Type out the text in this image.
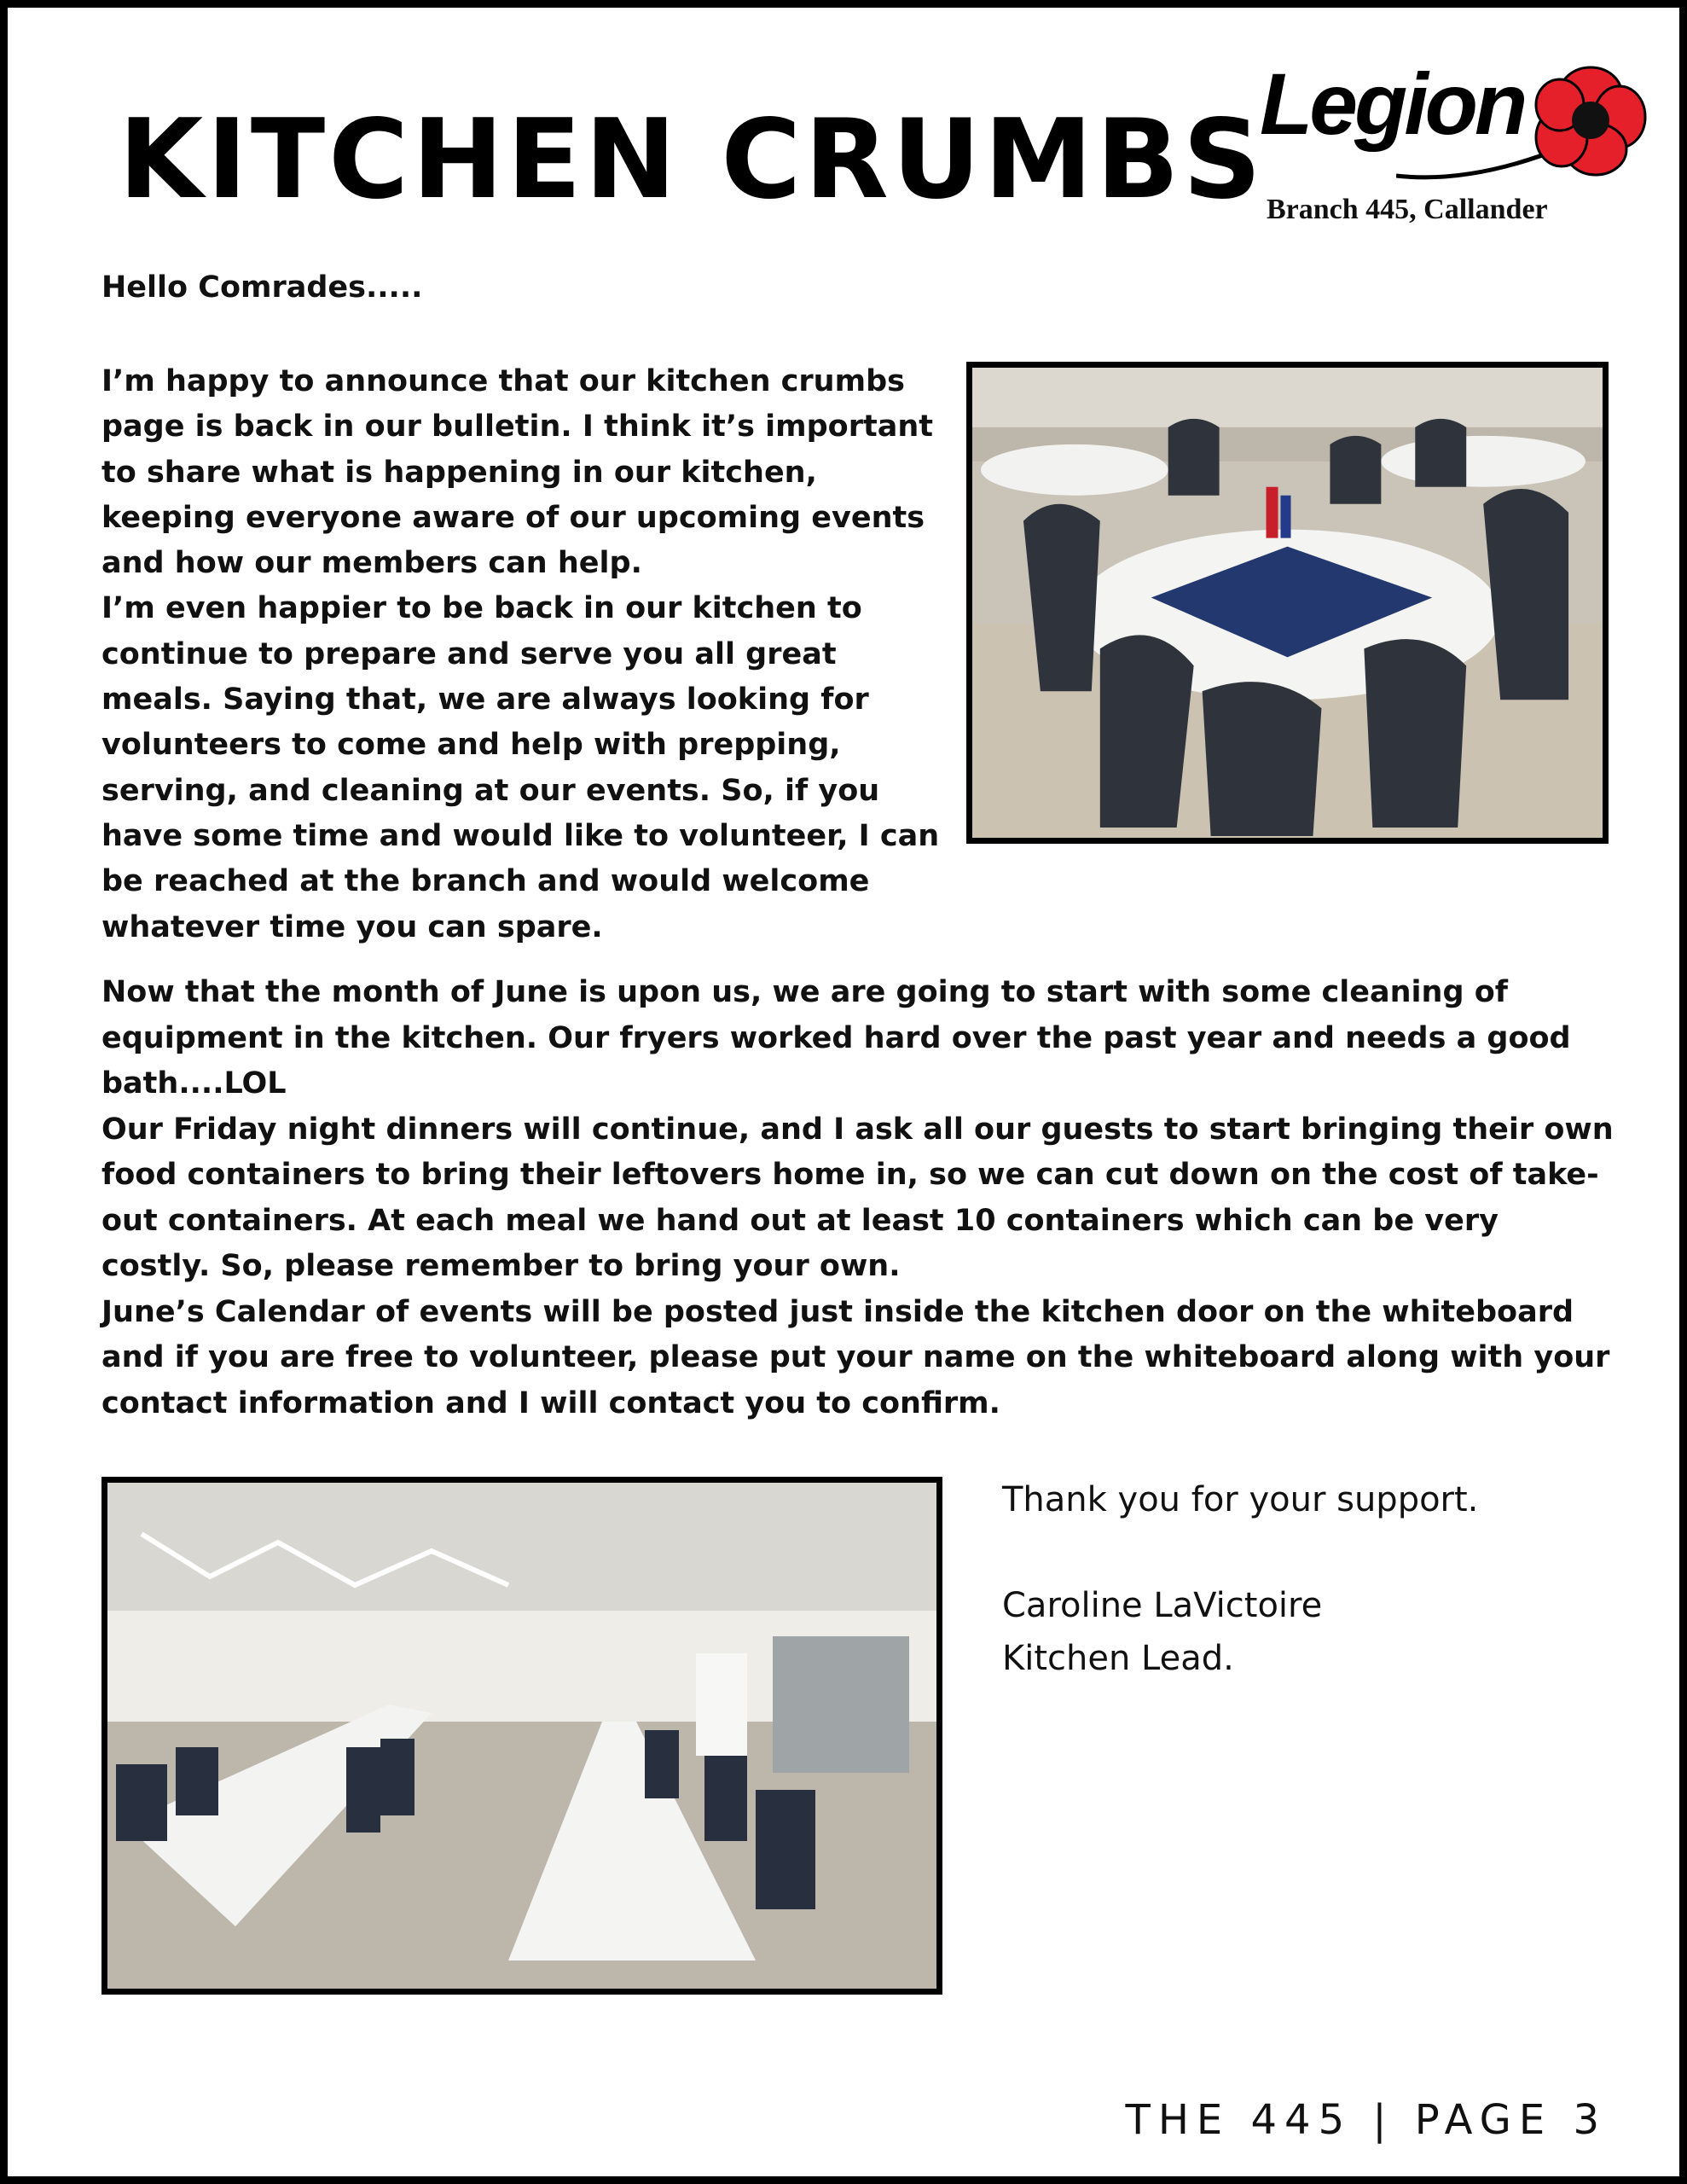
KITCHEN CRUMBS
Legion
Branch 445, Callander
Hello Comrades.....

I’m happy to announce that our kitchen crumbs page is back in our bulletin. I think it’s important to share what is happening in our kitchen, keeping everyone aware of our upcoming events and how our members can help.

I’m even happier to be back in our kitchen to continue to prepare and serve you all great meals. Saying that, we are always looking for volunteers to come and help with prepping, serving, and cleaning at our events. So, if you have some time and would like to volunteer, I can be reached at the branch and would welcome whatever time you can spare.

Now that the month of June is upon us, we are going to start with some cleaning of equipment in the kitchen. Our fryers worked hard over the past year and needs a good bath....LOL

Our Friday night dinners will continue, and I ask all our guests to start bringing their own food containers to bring their leftovers home in, so we can cut down on the cost of take-out containers. At each meal we hand out at least 10 containers which can be very costly. So, please remember to bring your own.

June’s Calendar of events will be posted just inside the kitchen door on the whiteboard and if you are free to volunteer, please put your name on the whiteboard along with your contact information and I will contact you to confirm.

Thank you for your support.
Caroline LaVictoire
Kitchen Lead.
THE 445 | PAGE 3
